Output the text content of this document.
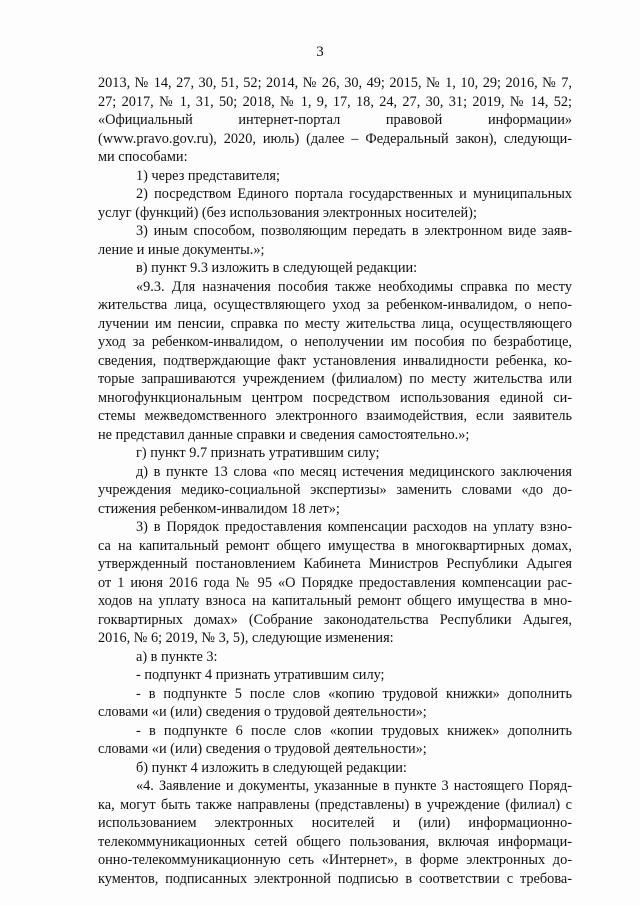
3
2013, № 14, 27, 30, 51, 52; 2014, № 26, 30, 49; 2015, № 1, 10, 29; 2016, № 7,
27; 2017, № 1, 31, 50; 2018, № 1, 9, 17, 18, 24, 27, 30, 31; 2019, № 14, 52;
«Официальный интернет-портал правовой информации»
(www.pravo.gov.ru), 2020, июль) (далее – Федеральный закон), следующи-
ми способами:
1) через представителя;
2) посредством Единого портала государственных и муниципальных
услуг (функций) (без использования электронных носителей);
3) иным способом, позволяющим передать в электронном виде заяв-
ление и иные документы.»;
в) пункт 9.3 изложить в следующей редакции:
«9.3. Для назначения пособия также необходимы справка по месту
жительства лица, осуществляющего уход за ребенком-инвалидом, о непо-
лучении им пенсии, справка по месту жительства лица, осуществляющего
уход за ребенком-инвалидом, о неполучении им пособия по безработице,
сведения, подтверждающие факт установления инвалидности ребенка, ко-
торые запрашиваются учреждением (филиалом) по месту жительства или
многофункциональным центром посредством использования единой си-
стемы межведомственного электронного взаимодействия, если заявитель
не представил данные справки и сведения самостоятельно.»;
г) пункт 9.7 признать утратившим силу;
д) в пункте 13 слова «по месяц истечения медицинского заключения
учреждения медико-социальной экспертизы» заменить словами «до до-
стижения ребенком-инвалидом 18 лет»;
3) в Порядок предоставления компенсации расходов на уплату взно-
са на капитальный ремонт общего имущества в многоквартирных домах,
утвержденный постановлением Кабинета Министров Республики Адыгея
от 1 июня 2016 года № 95 «О Порядке предоставления компенсации рас-
ходов на уплату взноса на капитальный ремонт общего имущества в мно-
гоквартирных домах» (Собрание законодательства Республики Адыгея,
2016, № 6; 2019, № 3, 5), следующие изменения:
а) в пункте 3:
- подпункт 4 признать утратившим силу;
- в подпункте 5 после слов «копию трудовой книжки» дополнить
словами «и (или) сведения о трудовой деятельности»;
- в подпункте 6 после слов «копии трудовых книжек» дополнить
словами «и (или) сведения о трудовой деятельности»;
б) пункт 4 изложить в следующей редакции:
«4. Заявление и документы, указанные в пункте 3 настоящего Поряд-
ка, могут быть также направлены (представлены) в учреждение (филиал) с
использованием электронных носителей и (или) информационно-
телекоммуникационных сетей общего пользования, включая информаци-
онно-телекоммуникационную сеть «Интернет», в форме электронных до-
кументов, подписанных электронной подписью в соответствии с требова-
